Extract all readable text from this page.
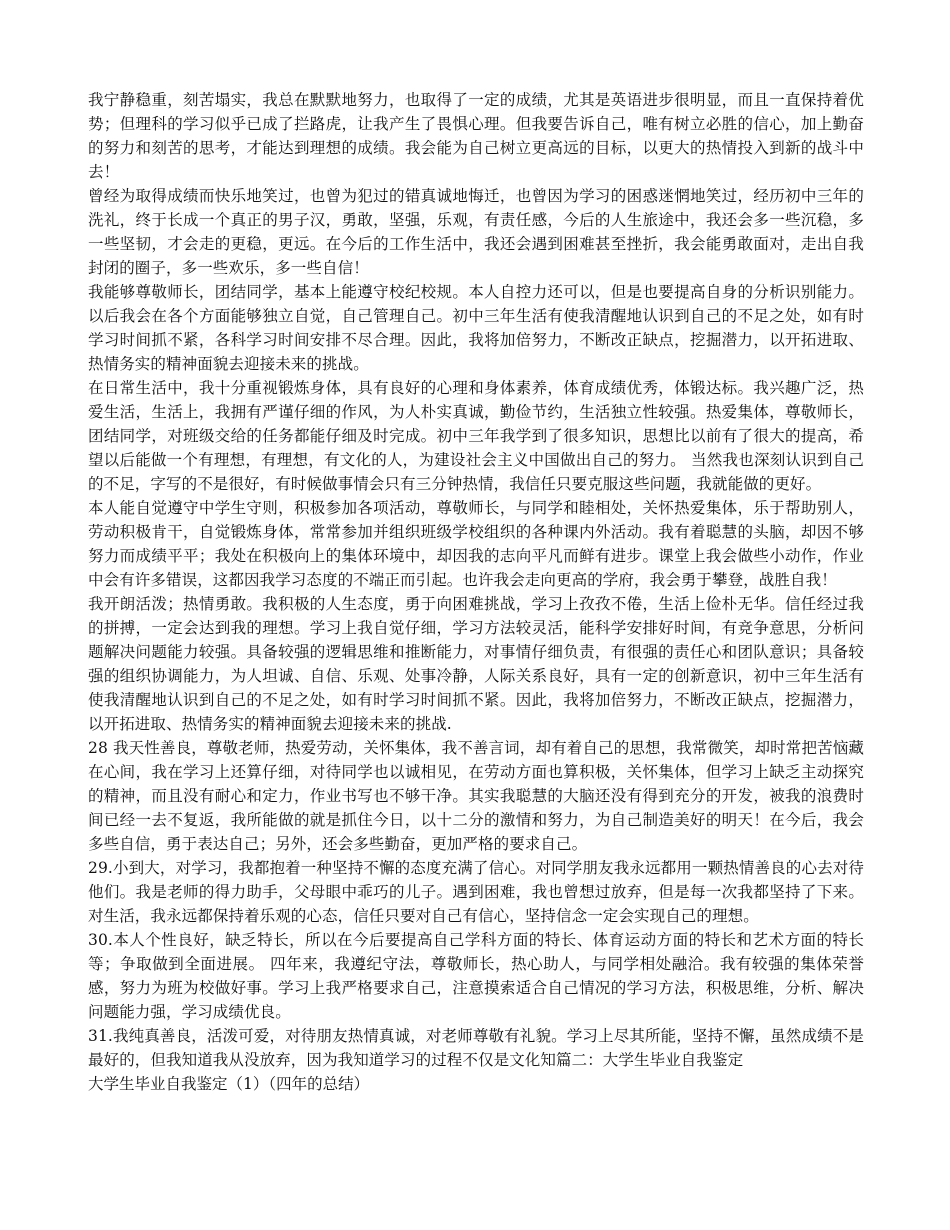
我宁静稳重，刻苦塌实，我总在默默地努力，也取得了一定的成绩，尤其是英语进步很明显，而且一直保持着优势；但理科的学习似乎已成了拦路虎，让我产生了畏惧心理。但我要告诉自己，唯有树立必胜的信心，加上勤奋的努力和刻苦的思考，才能达到理想的成绩。我会能为自己树立更高远的目标，以更大的热情投入到新的战斗中去！

曾经为取得成绩而快乐地笑过，也曾为犯过的错真诚地悔迁，也曾因为学习的困惑迷惘地笑过，经历初中三年的洗礼，终于长成一个真正的男子汉，勇敢，坚强，乐观，有责任感，今后的人生旅途中，我还会多一些沉稳，多一些坚韧，才会走的更稳，更远。在今后的工作生活中，我还会遇到困难甚至挫折，我会能勇敢面对，走出自我封闭的圈子，多一些欢乐，多一些自信！

我能够尊敬师长，团结同学，基本上能遵守校纪校规。本人自控力还可以，但是也要提高自身的分析识别能力。以后我会在各个方面能够独立自觉，自己管理自己。初中三年生活有使我清醒地认识到自己的不足之处，如有时学习时间抓不紧，各科学习时间安排不尽合理。因此，我将加倍努力，不断改正缺点，挖掘潜力，以开拓进取、热情务实的精神面貌去迎接未来的挑战。

在日常生活中，我十分重视锻炼身体，具有良好的心理和身体素养，体育成绩优秀，体锻达标。我兴趣广泛，热爱生活，生活上，我拥有严谨仔细的作风，为人朴实真诚，勤俭节约，生活独立性较强。热爱集体，尊敬师长，团结同学，对班级交给的任务都能仔细及时完成。初中三年我学到了很多知识，思想比以前有了很大的提高，希望以后能做一个有理想，有理想，有文化的人，为建设社会主义中国做出自己的努力。 当然我也深刻认识到自己的不足，字写的不是很好，有时候做事情会只有三分钟热情，我信任只要克服这些问题，我就能做的更好。

本人能自觉遵守中学生守则，积极参加各项活动，尊敬师长，与同学和睦相处，关怀热爱集体，乐于帮助别人，劳动积极肯干，自觉锻炼身体，常常参加并组织班级学校组织的各种课内外活动。我有着聪慧的头脑，却因不够努力而成绩平平；我处在积极向上的集体环境中，却因我的志向平凡而鲜有进步。课堂上我会做些小动作，作业中会有许多错误，这都因我学习态度的不端正而引起。也许我会走向更高的学府，我会勇于攀登，战胜自我！

我开朗活泼；热情勇敢。我积极的人生态度，勇于向困难挑战，学习上孜孜不倦，生活上俭朴无华。信任经过我的拼搏，一定会达到我的理想。学习上我自觉仔细，学习方法较灵活，能科学安排好时间，有竞争意思，分析问题解决问题能力较强。具备较强的逻辑思维和推断能力，对事情仔细负责，有很强的责任心和团队意识；具备较强的组织协调能力，为人坦诚、自信、乐观、处事冷静，人际关系良好，具有一定的创新意识，初中三年生活有使我清醒地认识到自己的不足之处，如有时学习时间抓不紧。因此，我将加倍努力，不断改正缺点，挖掘潜力，以开拓进取、热情务实的精神面貌去迎接未来的挑战.

28 我天性善良，尊敬老师，热爱劳动，关怀集体，我不善言词，却有着自己的思想，我常微笑，却时常把苦恼藏在心间，我在学习上还算仔细，对待同学也以诚相见，在劳动方面也算积极，关怀集体，但学习上缺乏主动探究的精神，而且没有耐心和定力，作业书写也不够干净。其实我聪慧的大脑还没有得到充分的开发，被我的浪费时间已经一去不复返，我所能做的就是抓住今日，以十二分的激情和努力，为自己制造美好的明天！在今后，我会多些自信，勇于表达自己；另外，还会多些勤奋，更加严格的要求自己。

29.小到大，对学习，我都抱着一种坚持不懈的态度充满了信心。对同学朋友我永远都用一颗热情善良的心去对待他们。我是老师的得力助手，父母眼中乖巧的儿子。遇到困难，我也曾想过放弃，但是每一次我都坚持了下来。对生活，我永远都保持着乐观的心态，信任只要对自己有信心，坚持信念一定会实现自己的理想。

30.本人个性良好，缺乏特长，所以在今后要提高自己学科方面的特长、体育运动方面的特长和艺术方面的特长等；争取做到全面进展。 四年来，我遵纪守法，尊敬师长，热心助人，与同学相处融洽。我有较强的集体荣誉感，努力为班为校做好事。学习上我严格要求自己，注意摸索适合自己情况的学习方法，积极思维，分析、解决问题能力强，学习成绩优良。

31.我纯真善良，活泼可爱，对待朋友热情真诚，对老师尊敬有礼貌。学习上尽其所能，坚持不懈，虽然成绩不是最好的，但我知道我从没放弃，因为我知道学习的过程不仅是文化知篇二：大学生毕业自我鉴定

大学生毕业自我鉴定（1）（四年的总结）
